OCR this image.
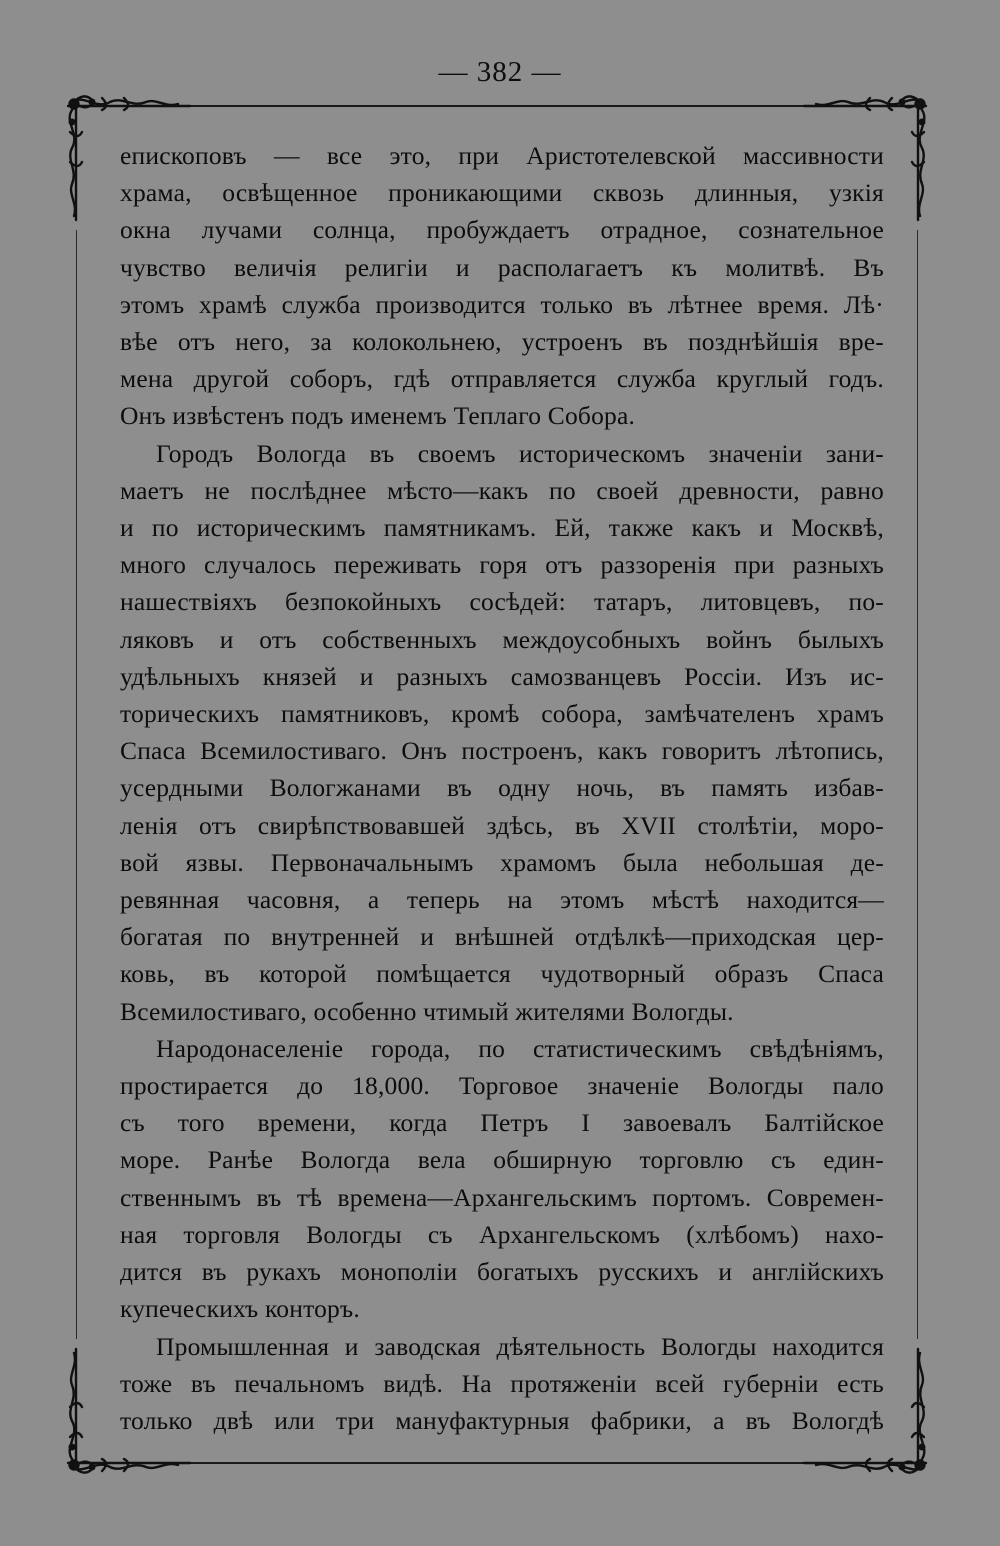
— 382 —

епископовъ — все это, при Аристотелевской массивности
храма, освѣщенное проникающими сквозь длинныя, узкія
окна лучами солнца, пробуждаетъ отрадное, сознательное
чувство величія религіи и располагаетъ къ молитвѣ. Въ
этомъ храмѣ служба производится только въ лѣтнее время. Лѣ·
вѣе отъ него, за колокольнею, устроенъ въ позднѣйшія вре-
мена другой соборъ, гдѣ отправляется служба круглый годъ.
Онъ извѣстенъ подъ именемъ Теплаго Собора.

Городъ Вологда въ своемъ историческомъ значеніи зани-
маетъ не послѣднее мѣсто—какъ по своей древности, равно
и по историческимъ памятникамъ. Ей, также какъ и Москвѣ,
много случалось переживать горя отъ раззоренія при разныхъ
нашествіяхъ безпокойныхъ сосѣдей: татаръ, литовцевъ, по-
ляковъ и отъ собственныхъ междоусобныхъ войнъ былыхъ
удѣльныхъ князей и разныхъ самозванцевъ Россіи. Изъ ис-
торическихъ памятниковъ, кромѣ собора, замѣчателенъ храмъ
Спаса Всемилостиваго. Онъ построенъ, какъ говоритъ лѣтопись,
усердными Вологжанами въ одну ночь, въ память избав-
ленія отъ свирѣпствовавшей здѣсь, въ XVII столѣтіи, моро-
вой язвы. Первоначальнымъ храмомъ была небольшая де-
ревянная часовня, а теперь на этомъ мѣстѣ находится—
богатая по внутренней и внѣшней отдѣлкѣ—приходская цер-
ковь, въ которой помѣщается чудотворный образъ Спаса
Всемилостиваго, особенно чтимый жителями Вологды.

Народонаселеніе города, по статистическимъ свѣдѣніямъ,
простирается до 18,000. Торговое значеніе Вологды пало
съ того времени, когда Петръ I завоевалъ Балтійское
море. Ранѣе Вологда вела обширную торговлю съ един-
ственнымъ въ тѣ времена—Архангельскимъ портомъ. Современ-
ная торговля Вологды съ Архангельскомъ (хлѣбомъ) нахо-
дится въ рукахъ монополіи богатыхъ русскихъ и англійскихъ
купеческихъ конторъ.

Промышленная и заводская дѣятельность Вологды находится
тоже въ печальномъ видѣ. На протяженіи всей губерніи есть
только двѣ или три мануфактурныя фабрики, а въ Вологдѣ
